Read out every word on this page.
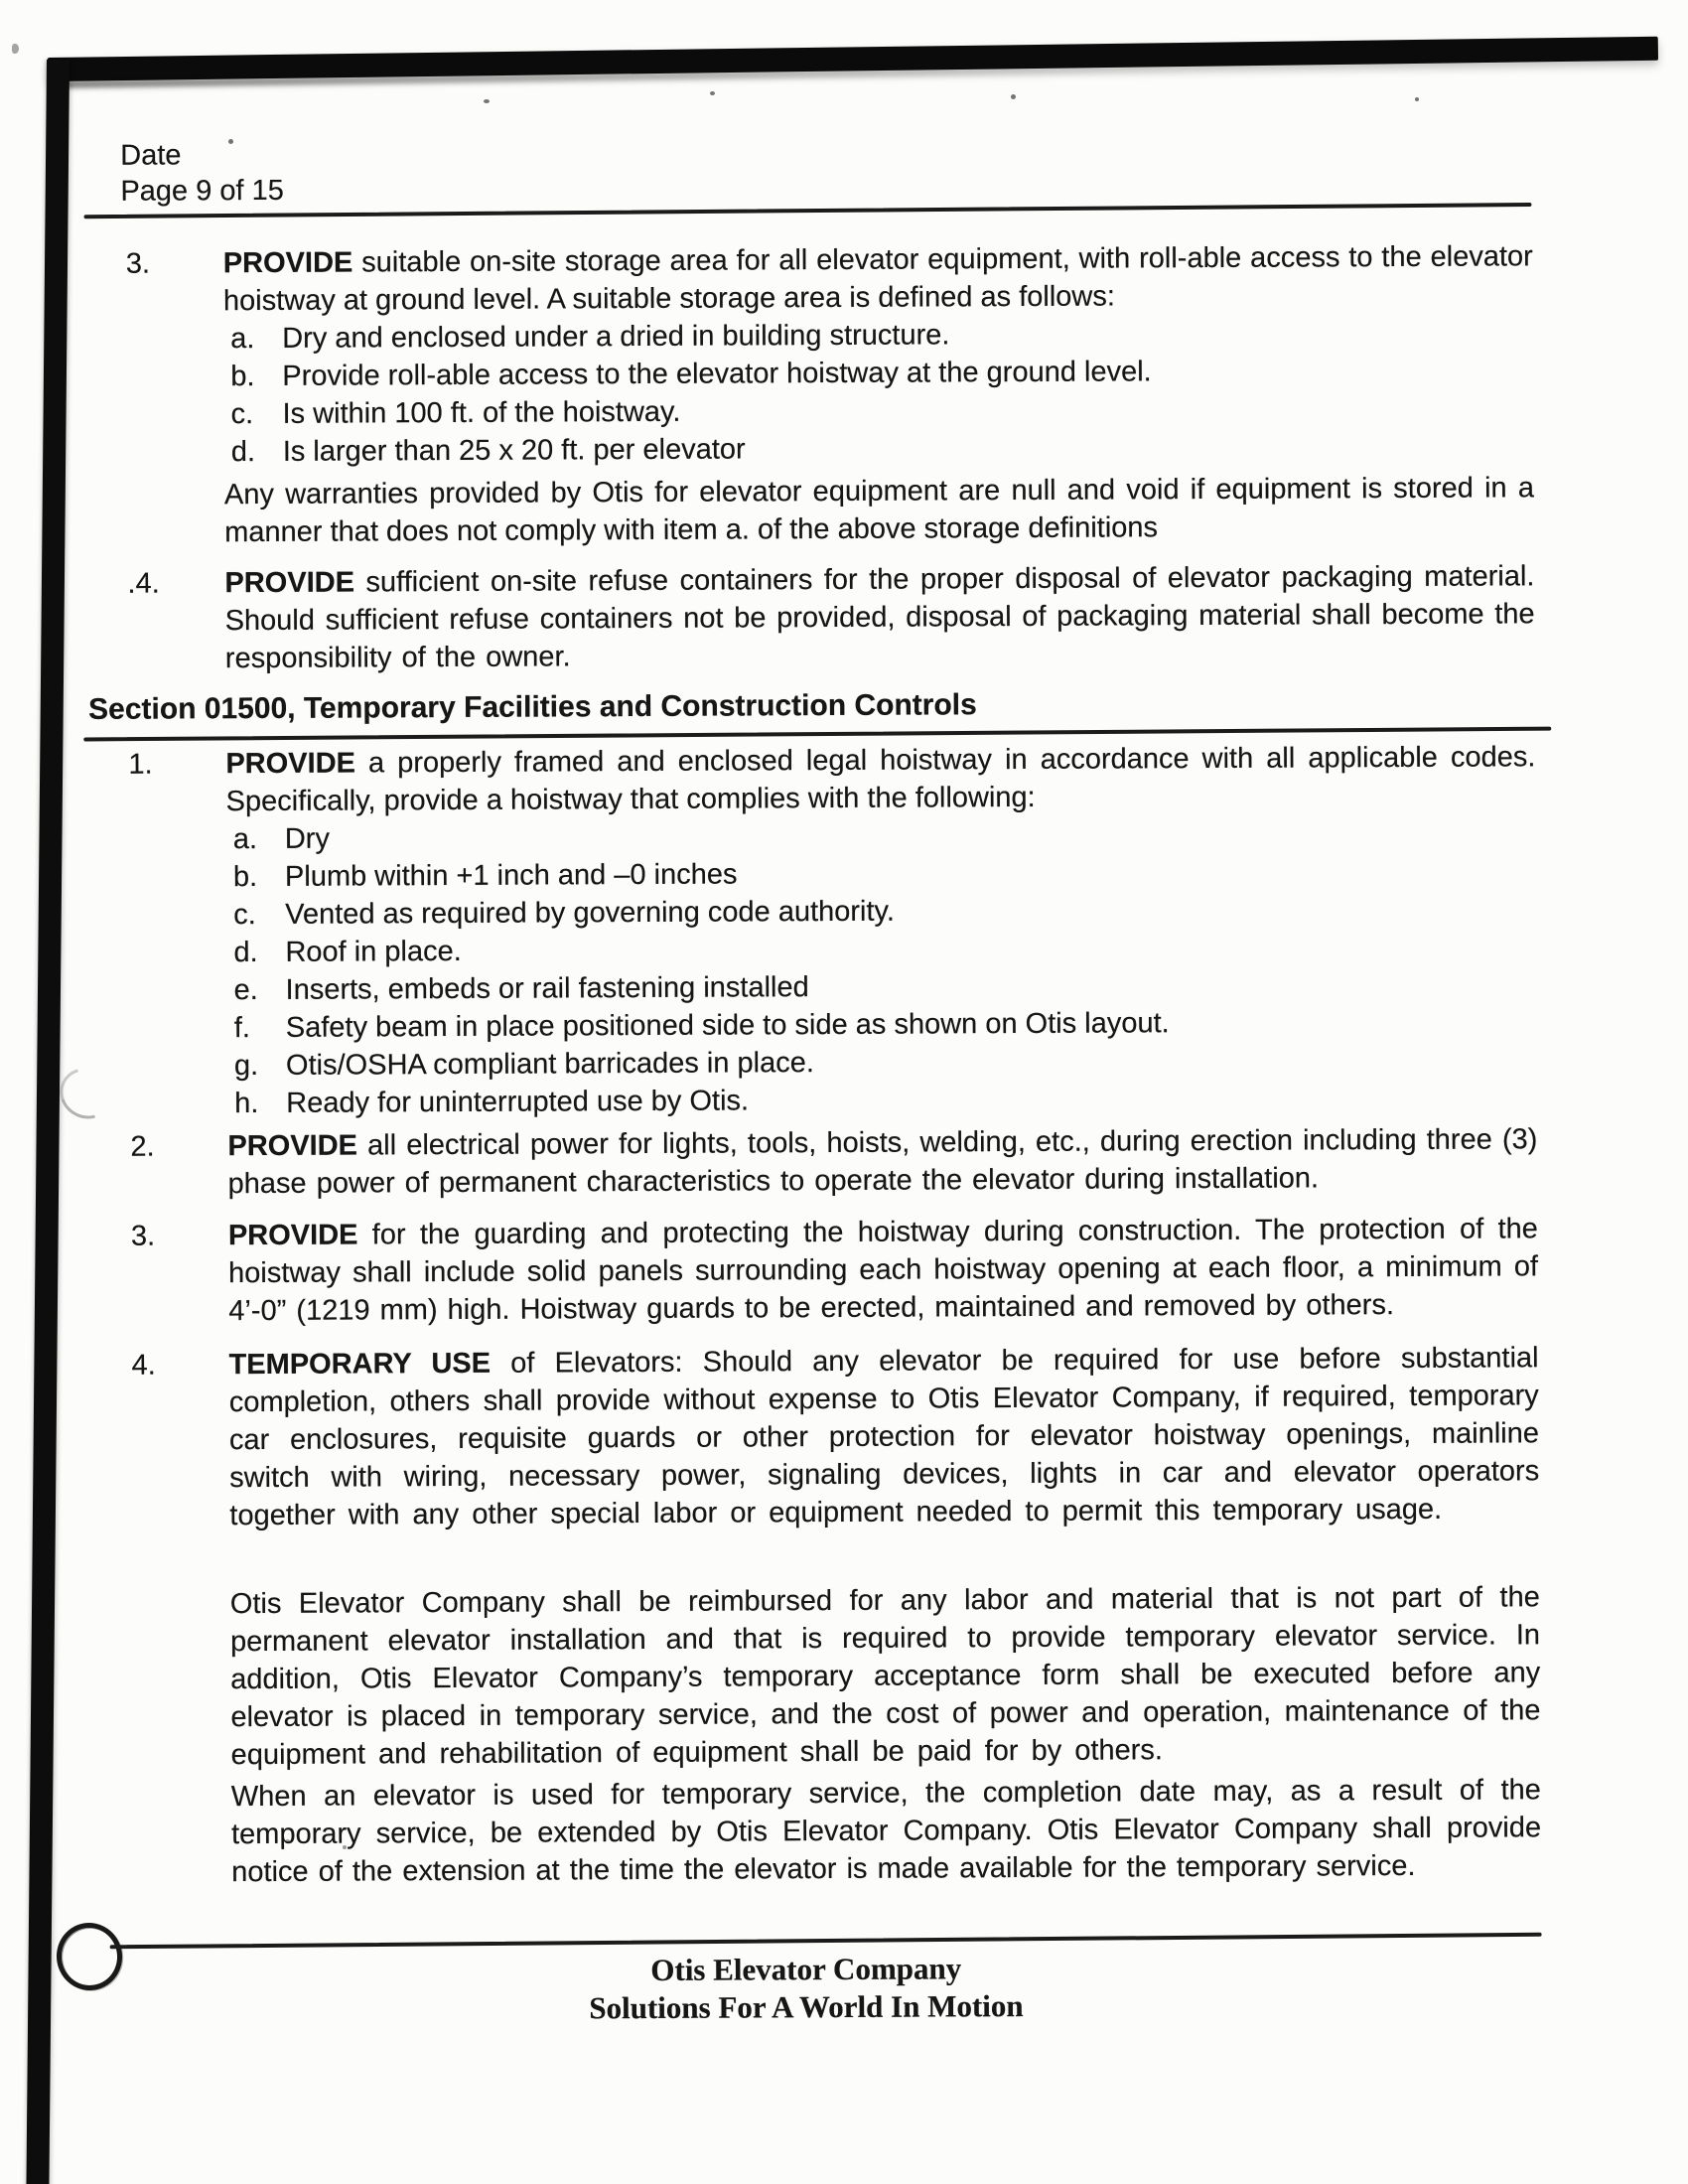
Date
Page 9 of 15
3.	PROVIDE suitable on-site storage area for all elevator equipment, with roll-able access to the elevator hoistway at ground level. A suitable storage area is defined as follows:

a. Dry and enclosed under a dried in building structure.
b. Provide roll-able access to the elevator hoistway at the ground level.
c.	Is within 100 ft. of the hoistway.
d. Is larger than 25 x 20 ft. per elevator
Any warranties provided by Otis for elevator equipment are null and void if equipment is stored in a manner that does not comply with item a. of the above storage definitions
.4.	PROVIDE sufficient on-site refuse containers for the proper disposal of elevator packaging material. Should sufficient refuse containers not be provided, disposal of packaging material shall become the responsibility of the owner.

Section 01500, Temporary Facilities and Construction Controls
1.	PROVIDE a properly framed and enclosed legal hoistway in accordance with all applicable codes. Specifically, provide a hoistway that complies with the following:

a. Dry
b. Plumb within +1 inch and –0 inches
c.	Vented as required by governing code authority.
d. Roof in place.
e. Inserts, embeds or rail fastening installed
f.	Safety beam in place positioned side to side as shown on Otis layout.
g. Otis/OSHA compliant barricades in place.
h. Ready for uninterrupted use by Otis.
2.	PROVIDE all electrical power for lights, tools, hoists, welding, etc., during erection including three (3) phase power of permanent characteristics to operate the elevator during installation.

3.	PROVIDE for the guarding and protecting the hoistway during construction. The protection of the hoistway shall include solid panels surrounding each hoistway opening at each floor, a minimum of 4’-0” (1219 mm) high. Hoistway guards to be erected, maintained and removed by others.

4.	TEMPORARY USE of Elevators: Should any elevator be required for use before substantial completion, others shall provide without expense to Otis Elevator Company, if required, temporary car enclosures, requisite guards or other protection for elevator hoistway openings, mainline switch with wiring, necessary power, signaling devices, lights in car and elevator operators together with any other special labor or equipment needed to permit this temporary usage.

Otis Elevator Company shall be reimbursed for any labor and material that is not part of the permanent elevator installation and that is required to provide temporary elevator service. In addition, Otis Elevator Company’s temporary acceptance form shall be executed before any elevator is placed in temporary service, and the cost of power and operation, maintenance of the equipment and rehabilitation of equipment shall be paid for by others.
When an elevator is used for temporary service, the completion date may, as a result of the temporary service, be extended by Otis Elevator Company. Otis Elevator Company shall provide notice of the extension at the time the elevator is made available for the temporary service.
Otis Elevator Company
Solutions For A World In Motion
